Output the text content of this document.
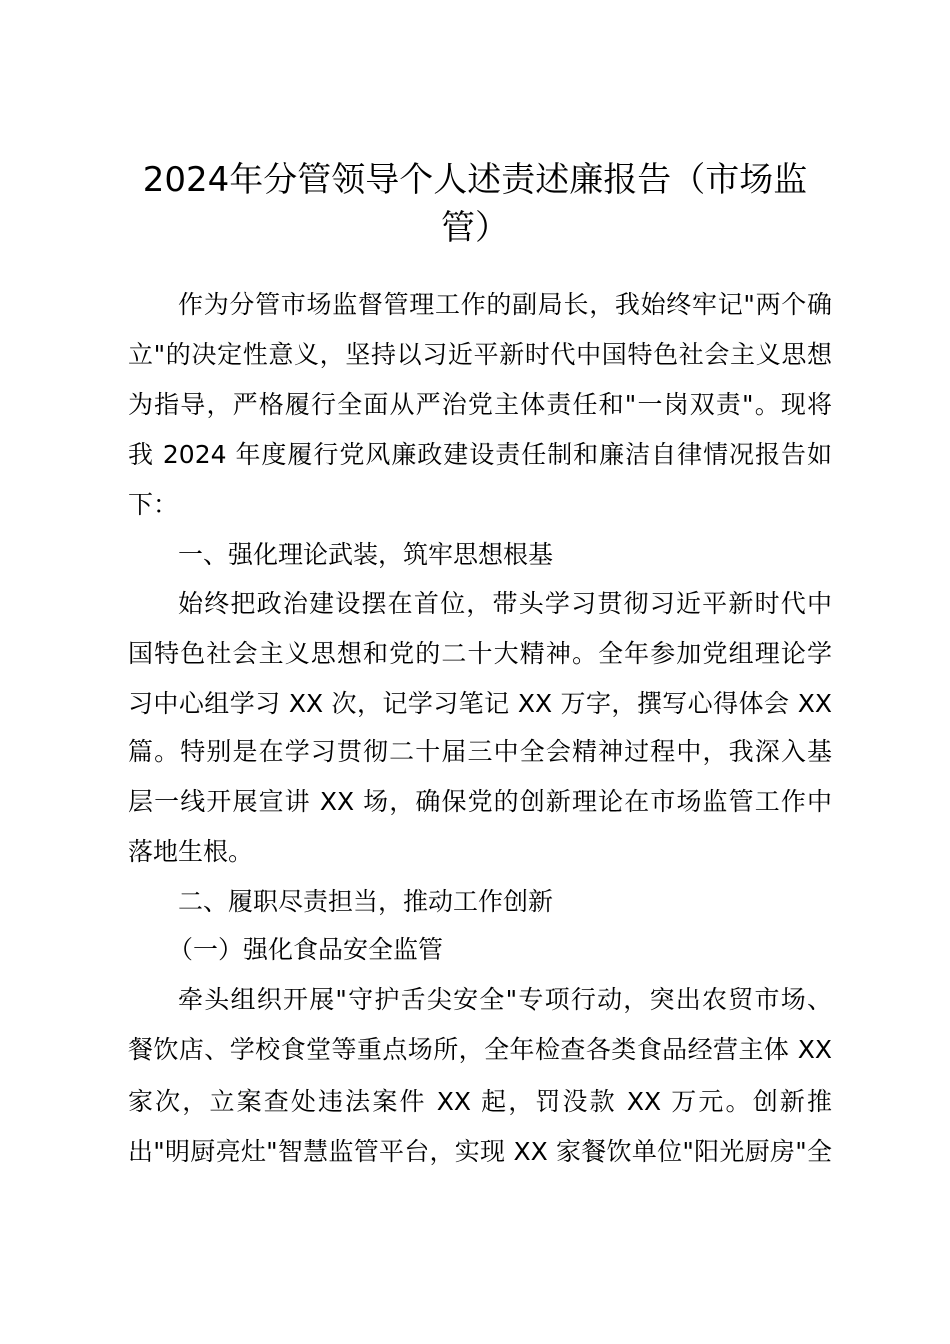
2024年分管领导个人述责述廉报告（市场监
管）
作为分管市场监督管理工作的副局长，我始终牢记"两个确
立"的决定性意义，坚持以习近平新时代中国特色社会主义思想
为指导，严格履行全面从严治党主体责任和"一岗双责"。现将
我 2024 年度履行党风廉政建设责任制和廉洁自律情况报告如
下：
一、强化理论武装，筑牢思想根基
始终把政治建设摆在首位，带头学习贯彻习近平新时代中
国特色社会主义思想和党的二十大精神。全年参加党组理论学
习中心组学习 XX 次，记学习笔记 XX 万字，撰写心得体会 XX
篇。特别是在学习贯彻二十届三中全会精神过程中，我深入基
层一线开展宣讲 XX 场，确保党的创新理论在市场监管工作中
落地生根。
二、履职尽责担当，推动工作创新
（一）强化食品安全监管
牵头组织开展"守护舌尖安全"专项行动，突出农贸市场、
餐饮店、学校食堂等重点场所，全年检查各类食品经营主体 XX
家次，立案查处违法案件 XX 起，罚没款 XX 万元。创新推
出"明厨亮灶"智慧监管平台，实现 XX 家餐饮单位"阳光厨房"全
